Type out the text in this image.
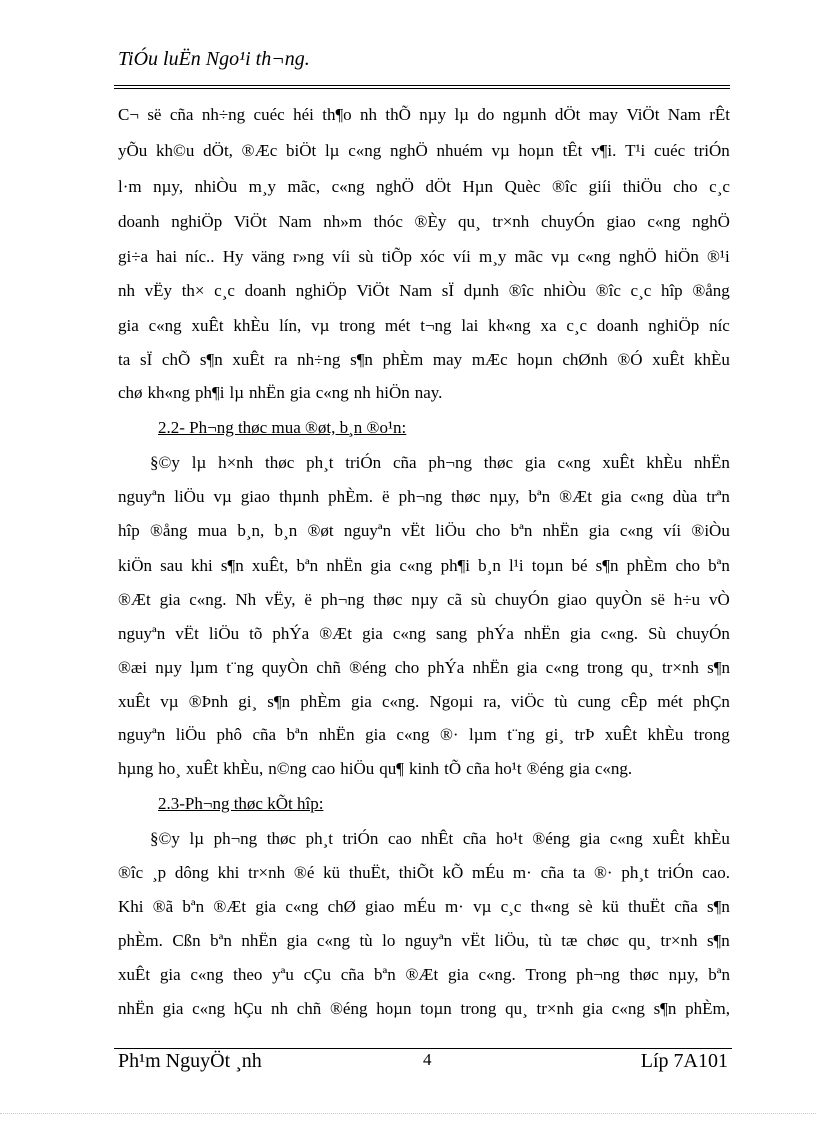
TiÓu luËn Ngo¹i th¬ng.
C¬ së cña nh÷ng cuéc héi th¶o nh thÕ nµy lµ do ngµnh dÖt may ViÖt Nam rÊt
yÕu kh©u dÖt, ®Æc biÖt lµ c«ng nghÖ nhuém vµ hoµn tÊt v¶i. T¹i cuéc triÓn
l·m nµy, nhiÒu m¸y mãc, c«ng nghÖ dÖt Hµn Quèc ®îc giíi thiÖu cho c¸c
doanh nghiÖp ViÖt Nam nh»m thóc ®Èy qu¸ tr×nh chuyÓn giao c«ng nghÖ
gi÷a hai níc.. Hy väng r»ng víi sù tiÕp xóc víi m¸y mãc vµ c«ng nghÖ hiÖn ®¹i
nh vËy th× c¸c doanh nghiÖp ViÖt Nam sÏ dµnh ®îc nhiÒu ®îc c¸c hîp ®ång
gia c«ng xuÊt khÈu lín, vµ trong mét t¬ng lai kh«ng xa c¸c doanh nghiÖp níc
ta sÏ chÕ s¶n xuÊt ra nh÷ng s¶n phÈm may mÆc hoµn chØnh ®Ó xuÊt khÈu
chø kh«ng ph¶i lµ nhËn gia c«ng nh hiÖn nay.
2.2- Ph¬ng thøc mua ®øt, b¸n ®o¹n:
§©y lµ h×nh thøc ph¸t triÓn cña ph¬ng thøc gia c«ng xuÊt khÈu nhËn
nguyªn liÖu vµ giao thµnh phÈm. ë ph¬ng thøc nµy, bªn ®Æt gia c«ng dùa trªn
hîp ®ång mua b¸n, b¸n ®øt nguyªn vËt liÖu cho bªn nhËn gia c«ng víi ®iÒu
kiÖn sau khi s¶n xuÊt, bªn nhËn gia c«ng ph¶i b¸n l¹i toµn bé s¶n phÈm cho bªn
®Æt gia c«ng. Nh vËy, ë ph¬ng thøc nµy cã sù chuyÓn giao quyÒn së h÷u vÒ
nguyªn vËt liÖu tõ phÝa ®Æt gia c«ng sang phÝa nhËn gia c«ng. Sù chuyÓn
®æi nµy lµm t¨ng quyÒn chñ ®éng cho phÝa nhËn gia c«ng trong qu¸ tr×nh s¶n
xuÊt vµ ®Þnh gi¸ s¶n phÈm gia c«ng. Ngoµi ra, viÖc tù cung cÊp mét phÇn
nguyªn liÖu phô cña bªn nhËn gia c«ng ®· lµm t¨ng gi¸ trÞ xuÊt khÈu trong
hµng ho¸ xuÊt khÈu, n©ng cao hiÖu qu¶ kinh tÕ cña ho¹t ®éng gia c«ng.
2.3-Ph¬ng thøc kÕt hîp:
§©y lµ ph¬ng thøc ph¸t triÓn cao nhÊt cña ho¹t ®éng gia c«ng xuÊt khÈu
®îc ¸p dông khi tr×nh ®é kü thuËt, thiÕt kÕ mÉu m· cña ta ®· ph¸t triÓn cao.
Khi ®ã bªn ®Æt gia c«ng chØ giao mÉu m· vµ c¸c th«ng sè kü thuËt cña s¶n
phÈm. Cßn bªn nhËn gia c«ng tù lo nguyªn vËt liÖu, tù tæ chøc qu¸ tr×nh s¶n
xuÊt gia c«ng theo yªu cÇu cña bªn ®Æt gia c«ng. Trong ph¬ng thøc nµy, bªn
nhËn gia c«ng hÇu nh chñ ®éng hoµn toµn trong qu¸ tr×nh gia c«ng s¶n phÈm,
Ph¹m NguyÖt ¸nh	4	Líp 7A101
